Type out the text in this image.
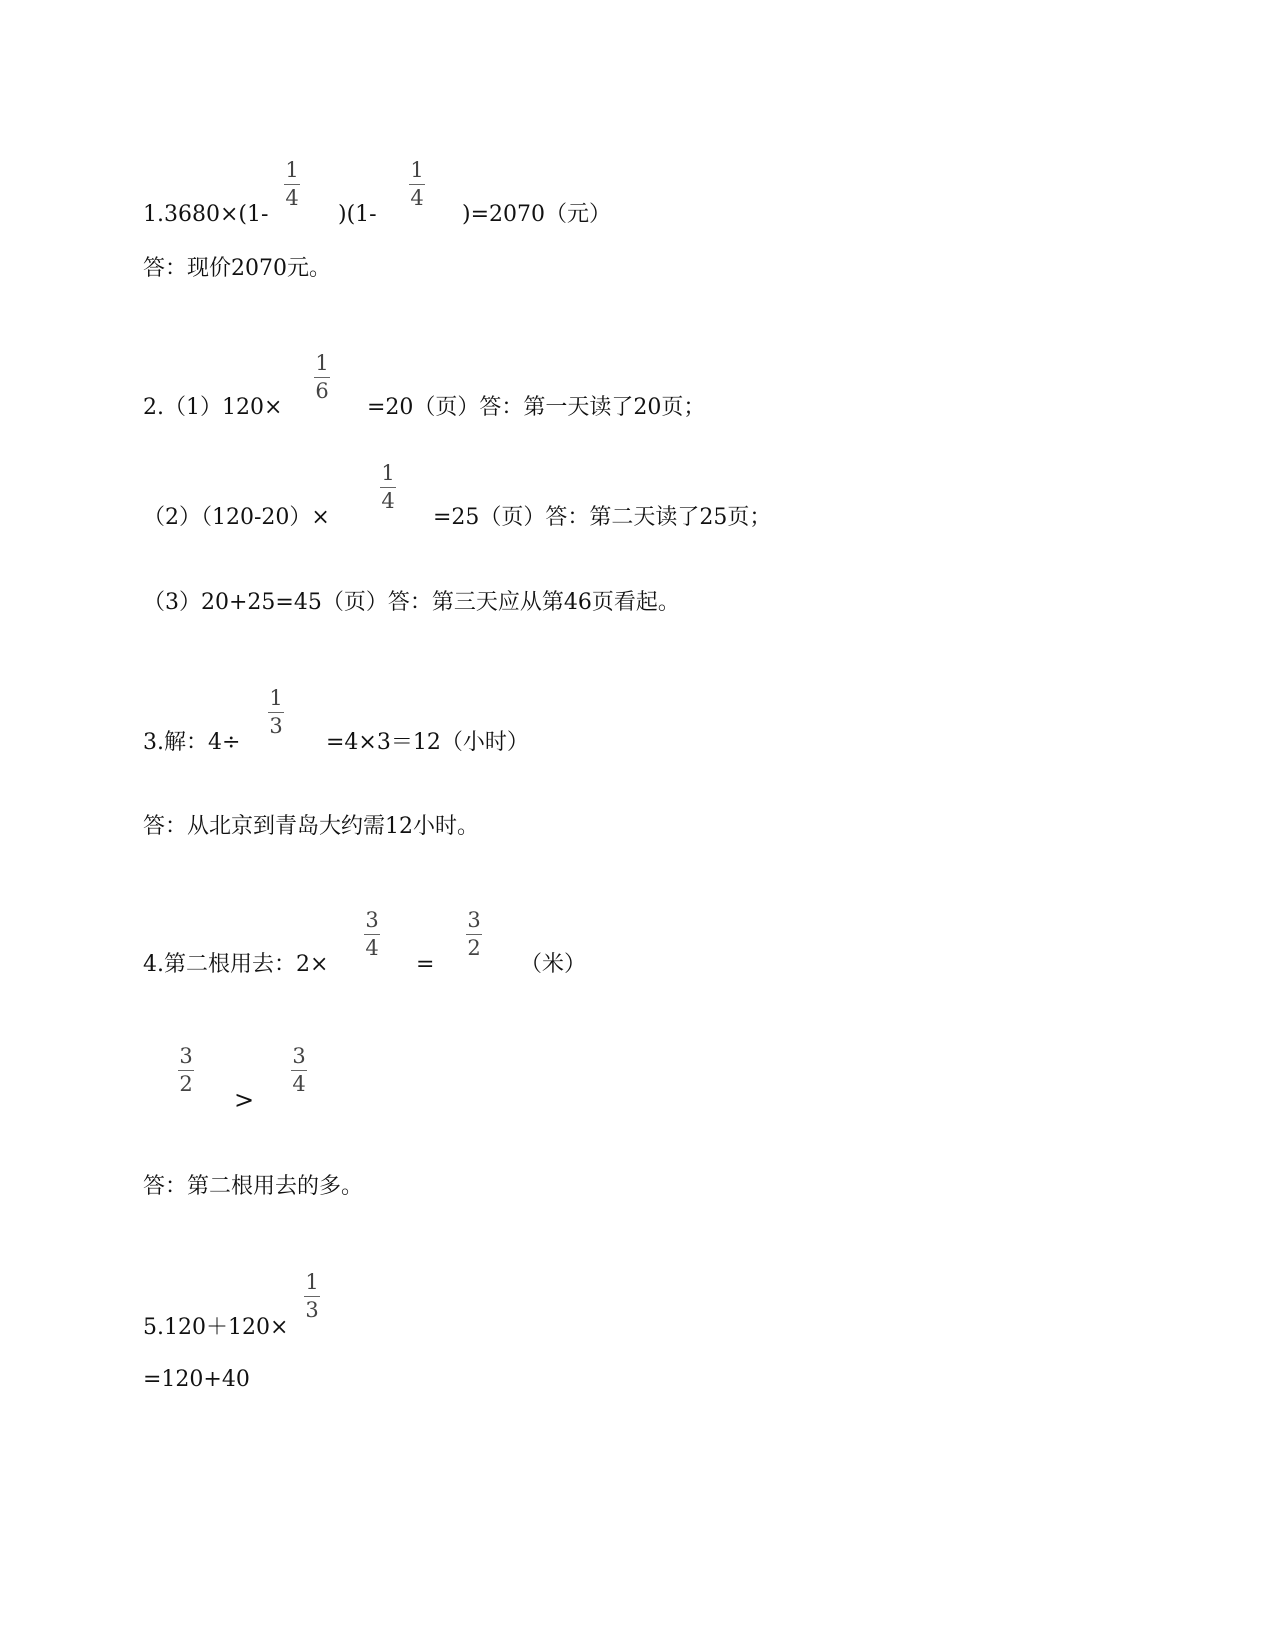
1
4
1
4
1.3680×(1-	)(1-	)=2070（元）
答：现价2070元。
1
6
2.（1）120×	=20（页）答：第一天读了20页；
1
4
（2）（120-20）×	=25（页）答：第二天读了25页；
（3）20+25=45（页）答：第三天应从第46页看起。
1
3
3.解：4÷	=4×3＝12（小时）
答：从北京到青岛大约需12小时。
3
4
3
2
4.第二根用去：2×	=	（米）
3
2
>
3
4
答：第二根用去的多。
1
3
5.120＋120×
=120+40
